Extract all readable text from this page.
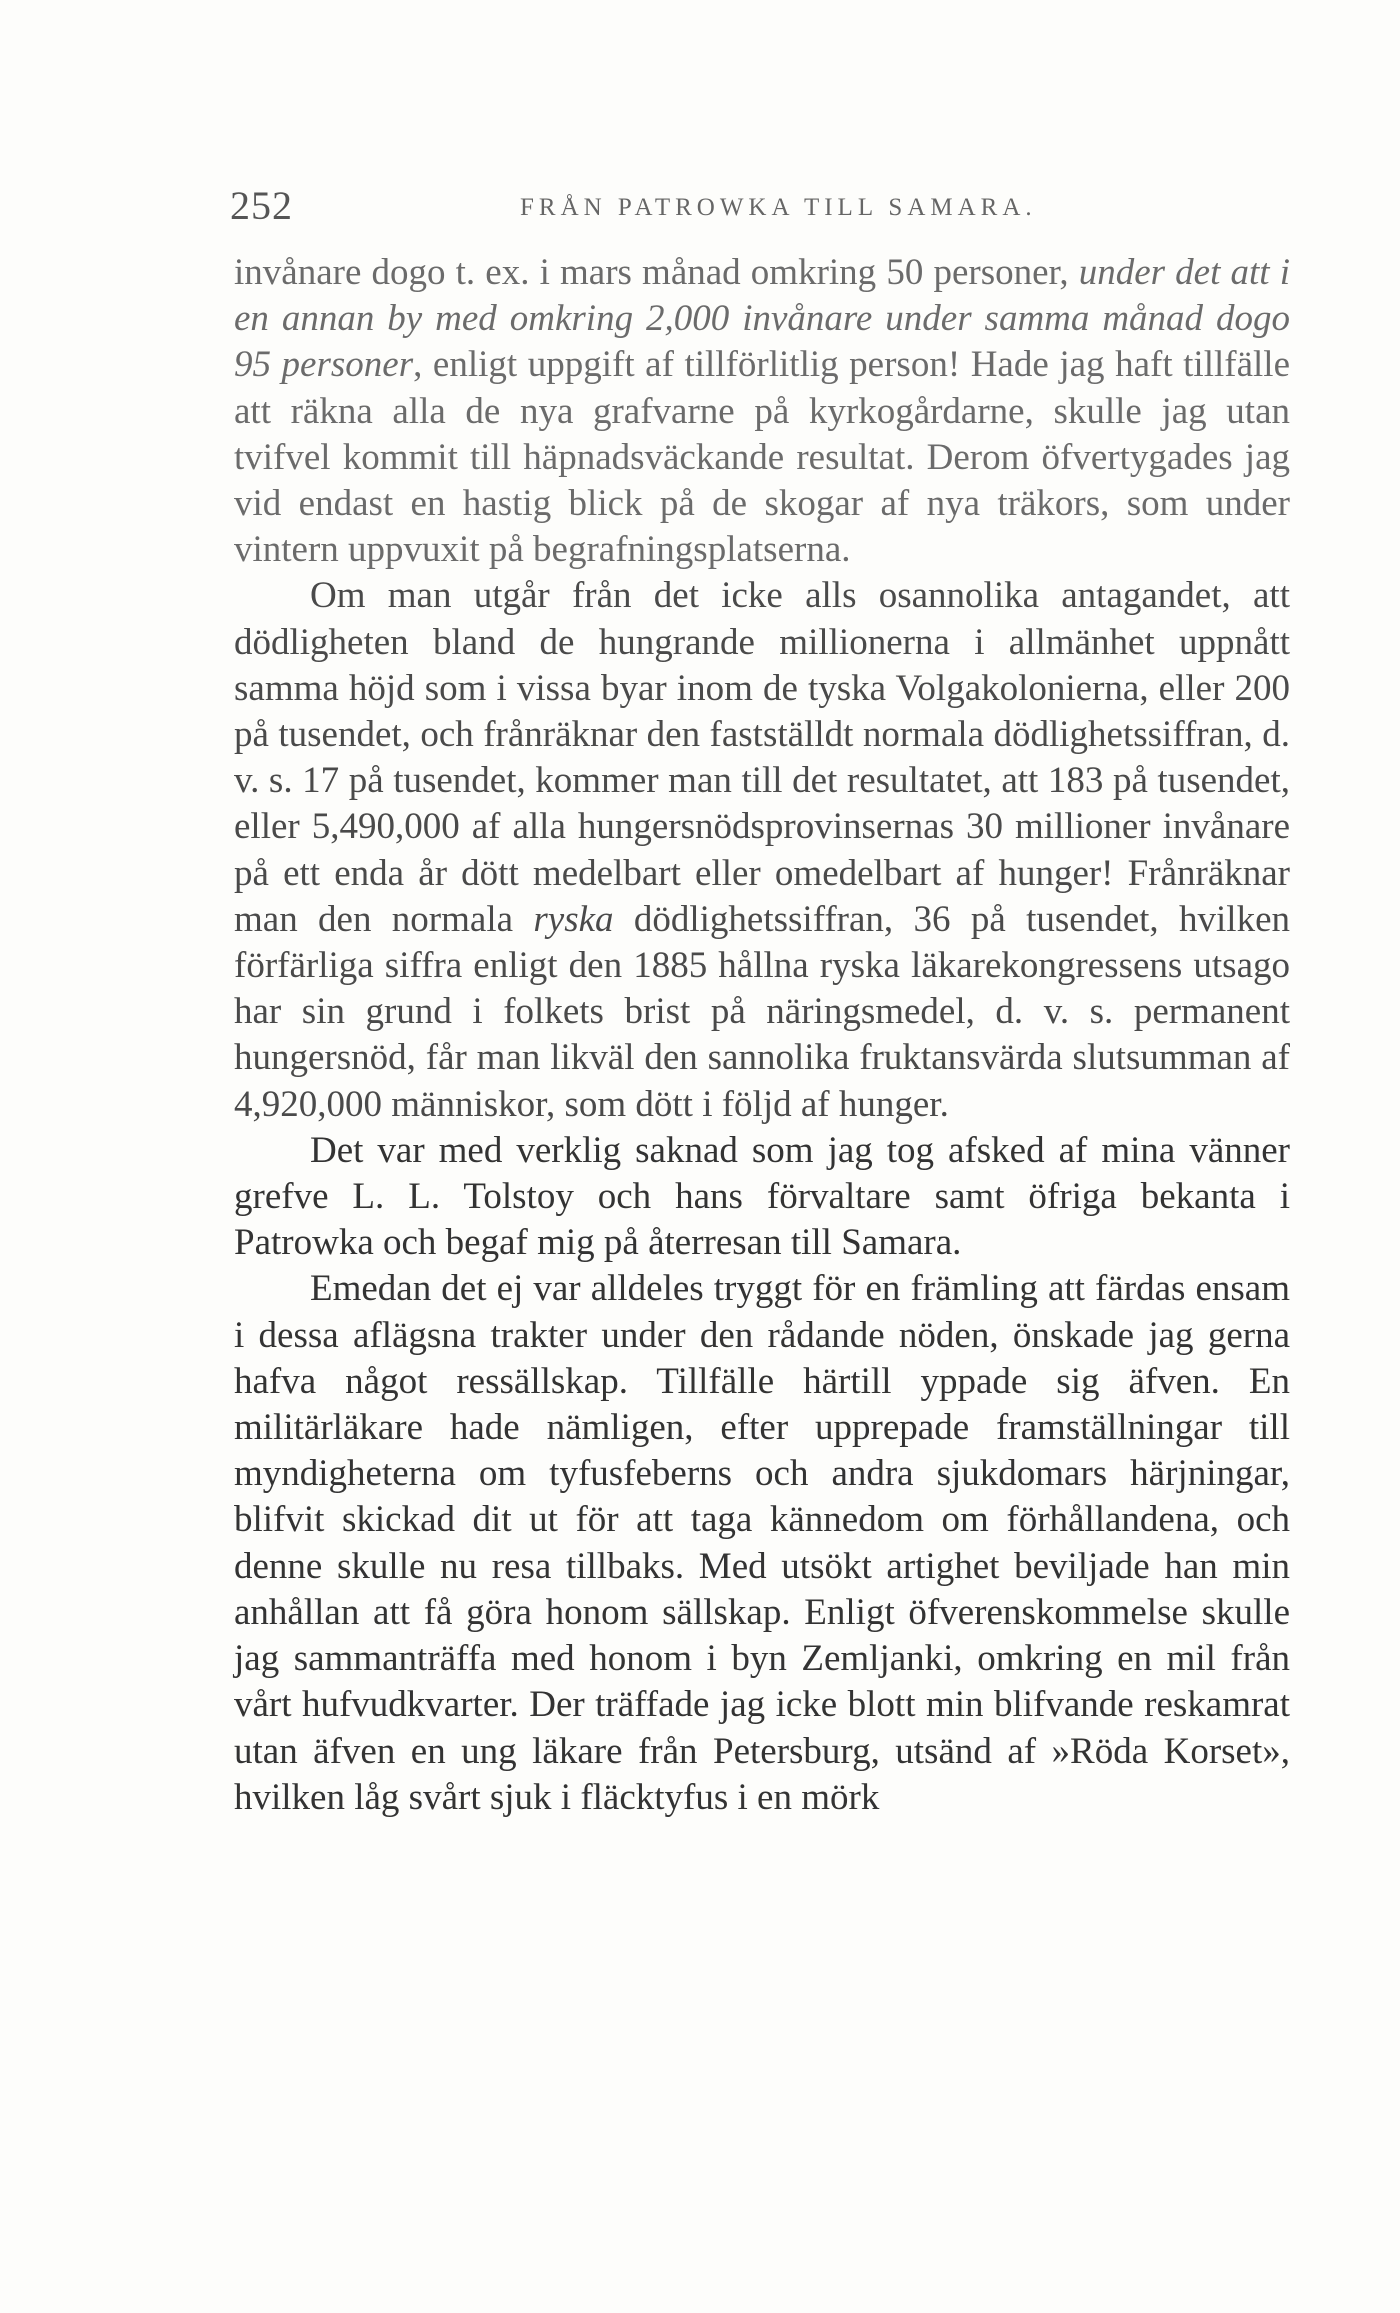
252	FRÅN PATROWKA TILL SAMARA.

invånare dogo t. ex. i mars månad omkring 50 personer, under det att i en annan by med omkring 2,000 invånare under samma månad dogo 95 personer, enligt uppgift af tillförlitlig person! Hade jag haft tillfälle att räkna alla de nya grafvarne på kyrkogårdarne, skulle jag utan tvifvel kommit till häpnadsväckande resultat. Derom öfvertygades jag vid endast en hastig blick på de skogar af nya träkors, som under vintern uppvuxit på begrafningsplatserna.

Om man utgår från det icke alls osannolika antagandet, att dödligheten bland de hungrande millionerna i allmänhet uppnått samma höjd som i vissa byar inom de tyska Volgakolonierna, eller 200 på tusendet, och frånräknar den fastställdt normala dödlighetssiffran, d. v. s. 17 på tusendet, kommer man till det resultatet, att 183 på tusendet, eller 5,490,000 af alla hungersnödsprovinsernas 30 millioner invånare på ett enda år dött medelbart eller omedelbart af hunger! Frånräknar man den normala ryska dödlighetssiffran, 36 på tusendet, hvilken förfärliga siffra enligt den 1885 hållna ryska läkarekongressens utsago har sin grund i folkets brist på näringsmedel, d. v. s. permanent hungersnöd, får man likväl den sannolika fruktansvärda slutsumman af 4,920,000 människor, som dött i följd af hunger.

Det var med verklig saknad som jag tog afsked af mina vänner grefve L. L. Tolstoy och hans förvaltare samt öfriga bekanta i Patrowka och begaf mig på återresan till Samara.

Emedan det ej var alldeles tryggt för en främling att färdas ensam i dessa aflägsna trakter under den rådande nöden, önskade jag gerna hafva något ressällskap. Tillfälle härtill yppade sig äfven. En militärläkare hade nämligen, efter upprepade framställningar till myndigheterna om tyfusfeberns och andra sjukdomars härjningar, blifvit skickad dit ut för att taga kännedom om förhållandena, och denne skulle nu resa tillbaks. Med utsökt artighet beviljade han min anhållan att få göra honom sällskap. Enligt öfverenskommelse skulle jag sammanträffa med honom i byn Zemljanki, omkring en mil från vårt hufvudkvarter. Der träffade jag icke blott min blifvande reskamrat utan äfven en ung läkare från Petersburg, utsänd af »Röda Korset», hvilken låg svårt sjuk i fläcktyfus i en mörk
